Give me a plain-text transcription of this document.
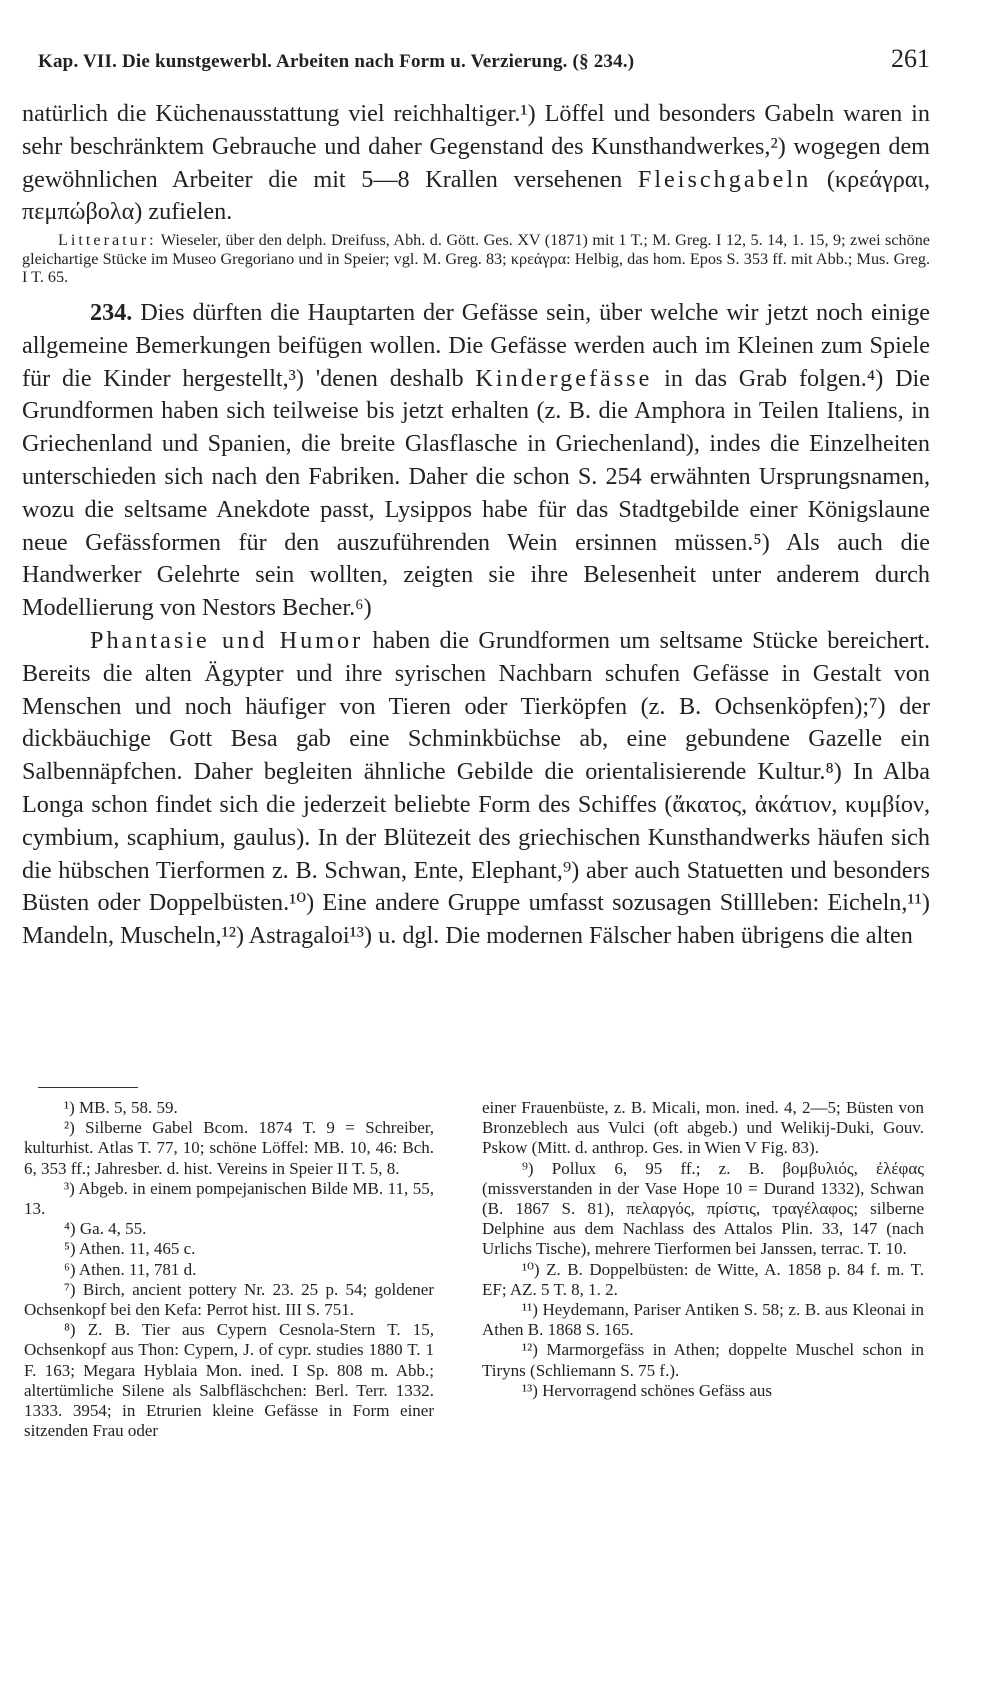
Kap. VII. Die kunstgewerbl. Arbeiten nach Form u. Verzierung. (§ 234.)	261

natürlich die Küchenausstattung viel reichhaltiger.¹) Löffel und besonders Gabeln waren in sehr beschränktem Gebrauche und daher Gegenstand des Kunsthandwerkes,²) wogegen dem gewöhnlichen Arbeiter die mit 5—8 Krallen versehenen Fleischgabeln (κρεάγραι, πεμπώβολα) zufielen.

Litteratur: Wieseler, über den delph. Dreifuss, Abh. d. Gött. Ges. XV (1871) mit 1 T.; M. Greg. I 12, 5. 14, 1. 15, 9; zwei schöne gleichartige Stücke im Museo Gregoriano und in Speier; vgl. M. Greg. 83; κρεάγρα: Helbig, das hom. Epos S. 353 ff. mit Abb.; Mus. Greg. I T. 65.

234. Dies dürften die Hauptarten der Gefässe sein, über welche wir jetzt noch einige allgemeine Bemerkungen beifügen wollen. Die Gefässe werden auch im Kleinen zum Spiele für die Kinder hergestellt,³) 'denen deshalb Kindergefässe in das Grab folgen.⁴) Die Grundformen haben sich teilweise bis jetzt erhalten (z. B. die Amphora in Teilen Italiens, in Griechenland und Spanien, die breite Glasflasche in Griechenland), indes die Einzelheiten unterschieden sich nach den Fabriken. Daher die schon S. 254 erwähnten Ursprungsnamen, wozu die seltsame Anekdote passt, Lysippos habe für das Stadtgebilde einer Königslaune neue Gefässformen für den auszuführenden Wein ersinnen müssen.⁵) Als auch die Handwerker Gelehrte sein wollten, zeigten sie ihre Belesenheit unter anderem durch Modellierung von Nestors Becher.⁶)

Phantasie und Humor haben die Grundformen um seltsame Stücke bereichert. Bereits die alten Ägypter und ihre syrischen Nachbarn schufen Gefässe in Gestalt von Menschen und noch häufiger von Tieren oder Tierköpfen (z. B. Ochsenköpfen);⁷) der dickbäuchige Gott Besa gab eine Schminkbüchse ab, eine gebundene Gazelle ein Salbennäpfchen. Daher begleiten ähnliche Gebilde die orientalisierende Kultur.⁸) In Alba Longa schon findet sich die jederzeit beliebte Form des Schiffes (ἄκατος, ἀκάτιον, κυμβίον, cymbium, scaphium, gaulus). In der Blütezeit des griechischen Kunsthandwerks häufen sich die hübschen Tierformen z. B. Schwan, Ente, Elephant,⁹) aber auch Statuetten und besonders Büsten oder Doppelbüsten.¹⁰) Eine andere Gruppe umfasst sozusagen Stillleben: Eicheln,¹¹) Mandeln, Muscheln,¹²) Astragaloi¹³) u. dgl. Die modernen Fälscher haben übrigens die alten

¹) MB. 5, 58. 59.

²) Silberne Gabel Bcom. 1874 T. 9 = Schreiber, kulturhist. Atlas T. 77, 10; schöne Löffel: MB. 10, 46: Bch. 6, 353 ff.; Jahresber. d. hist. Vereins in Speier II T. 5, 8.

³) Abgeb. in einem pompejanischen Bilde MB. 11, 55, 13.

⁴) Ga. 4, 55.

⁵) Athen. 11, 465 c.

⁶) Athen. 11, 781 d.

⁷) Birch, ancient pottery Nr. 23. 25 p. 54; goldener Ochsenkopf bei den Kefa: Perrot hist. III S. 751.

⁸) Z. B. Tier aus Cypern Cesnola-Stern T. 15, Ochsenkopf aus Thon: Cypern, J. of cypr. studies 1880 T. 1 F. 163; Megara Hyblaia Mon. ined. I Sp. 808 m. Abb.; altertümliche Silene als Salbfläschchen: Berl. Terr. 1332. 1333. 3954; in Etrurien kleine Gefässe in Form einer sitzenden Frau oder

einer Frauenbüste, z. B. Micali, mon. ined. 4, 2—5; Büsten von Bronzeblech aus Vulci (oft abgeb.) und Welikij-Duki, Gouv. Pskow (Mitt. d. anthrop. Ges. in Wien V Fig. 83).

⁹) Pollux 6, 95 ff.; z. B. βομβυλιός, ἐλέφας (missverstanden in der Vase Hope 10 = Durand 1332), Schwan (B. 1867 S. 81), πελαργός, πρίστις, τραγέλαφος; silberne Delphine aus dem Nachlass des Attalos Plin. 33, 147 (nach Urlichs Tische), mehrere Tierformen bei Janssen, terrac. T. 10.

¹⁰) Z. B. Doppelbüsten: de Witte, A. 1858 p. 84 f. m. T. EF; AZ. 5 T. 8, 1. 2.

¹¹) Heydemann, Pariser Antiken S. 58; z. B. aus Kleonai in Athen B. 1868 S. 165.

¹²) Marmorgefäss in Athen; doppelte Muschel schon in Tiryns (Schliemann S. 75 f.).

¹³) Hervorragend schönes Gefäss aus
